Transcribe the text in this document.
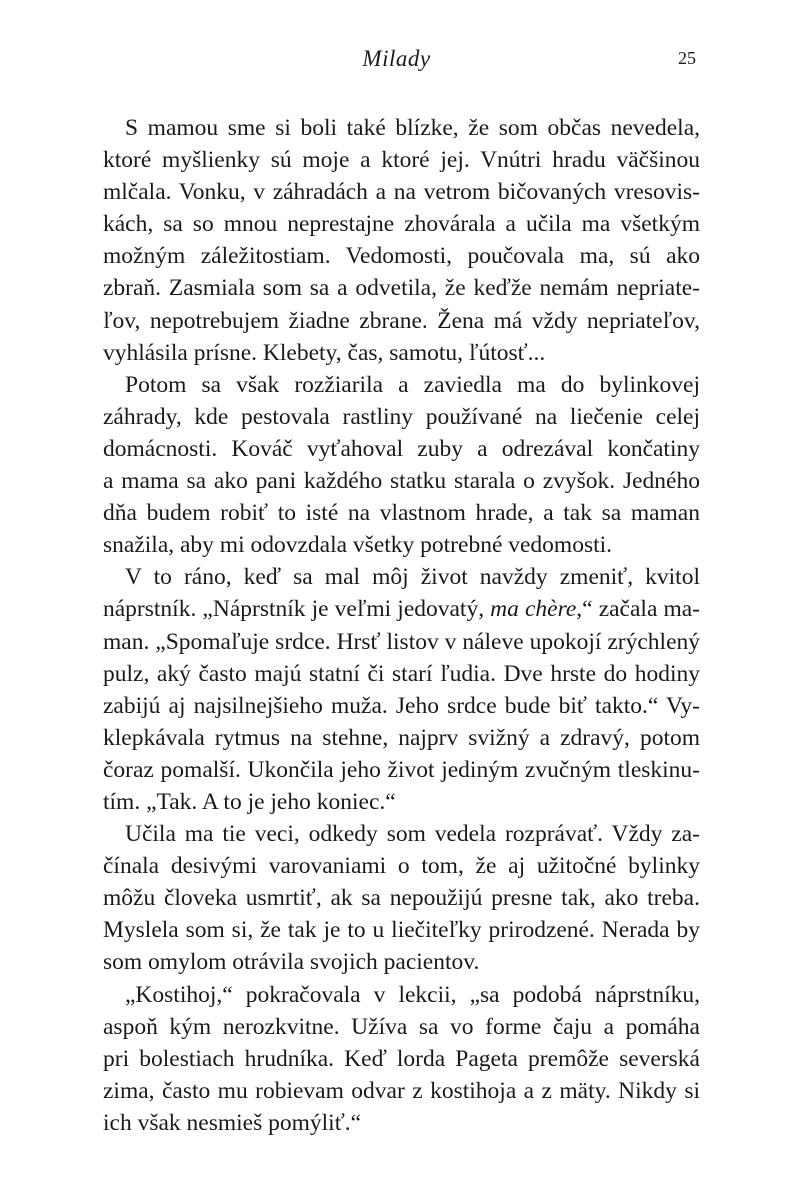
Milady	25
S mamou sme si boli také blízke, že som občas nevedela,
ktoré myšlienky sú moje a ktoré jej. Vnútri hradu väčšinou
mlčala. Vonku, v záhradách a na vetrom bičovaných vresovis-
kách, sa so mnou neprestajne zhovárala a učila ma všetkým
možným záležitostiam. Vedomosti, poučovala ma, sú ako
zbraň. Zasmiala som sa a odvetila, že keďže nemám nepriate-
ľov, nepotrebujem žiadne zbrane. Žena má vždy nepriateľov,
vyhlásila prísne. Klebety, čas, samotu, ľútosť...
Potom sa však rozžiarila a zaviedla ma do bylinkovej
záhrady, kde pestovala rastliny používané na liečenie celej
domácnosti. Kováč vyťahoval zuby a odrezával končatiny
a mama sa ako pani každého statku starala o zvyšok. Jedného
dňa budem robiť to isté na vlastnom hrade, a tak sa maman
snažila, aby mi odovzdala všetky potrebné vedomosti.
V to ráno, keď sa mal môj život navždy zmeniť, kvitol
náprstník. „Náprstník je veľmi jedovatý, ma chère,“ začala ma-
man. „Spomaľuje srdce. Hrsť listov v náleve upokojí zrýchlený
pulz, aký často majú statní či starí ľudia. Dve hrste do hodiny
zabijú aj najsilnejšieho muža. Jeho srdce bude biť takto.“ Vy-
klepkávala rytmus na stehne, najprv svižný a zdravý, potom
čoraz pomalší. Ukončila jeho život jediným zvučným tleskinu-
tím. „Tak. A to je jeho koniec.“
Učila ma tie veci, odkedy som vedela rozprávať. Vždy za-
čínala desivými varovaniami o tom, že aj užitočné bylinky
môžu človeka usmrtiť, ak sa nepoužijú presne tak, ako treba.
Myslela som si, že tak je to u liečiteľky prirodzené. Nerada by
som omylom otrávila svojich pacientov.
„Kostihoj,“ pokračovala v lekcii, „sa podobá náprstníku,
aspoň kým nerozkvitne. Užíva sa vo forme čaju a pomáha
pri bolestiach hrudníka. Keď lorda Pageta premôže severská
zima, často mu robievam odvar z kostihoja a z mäty. Nikdy si
ich však nesmieš pomýliť.“
